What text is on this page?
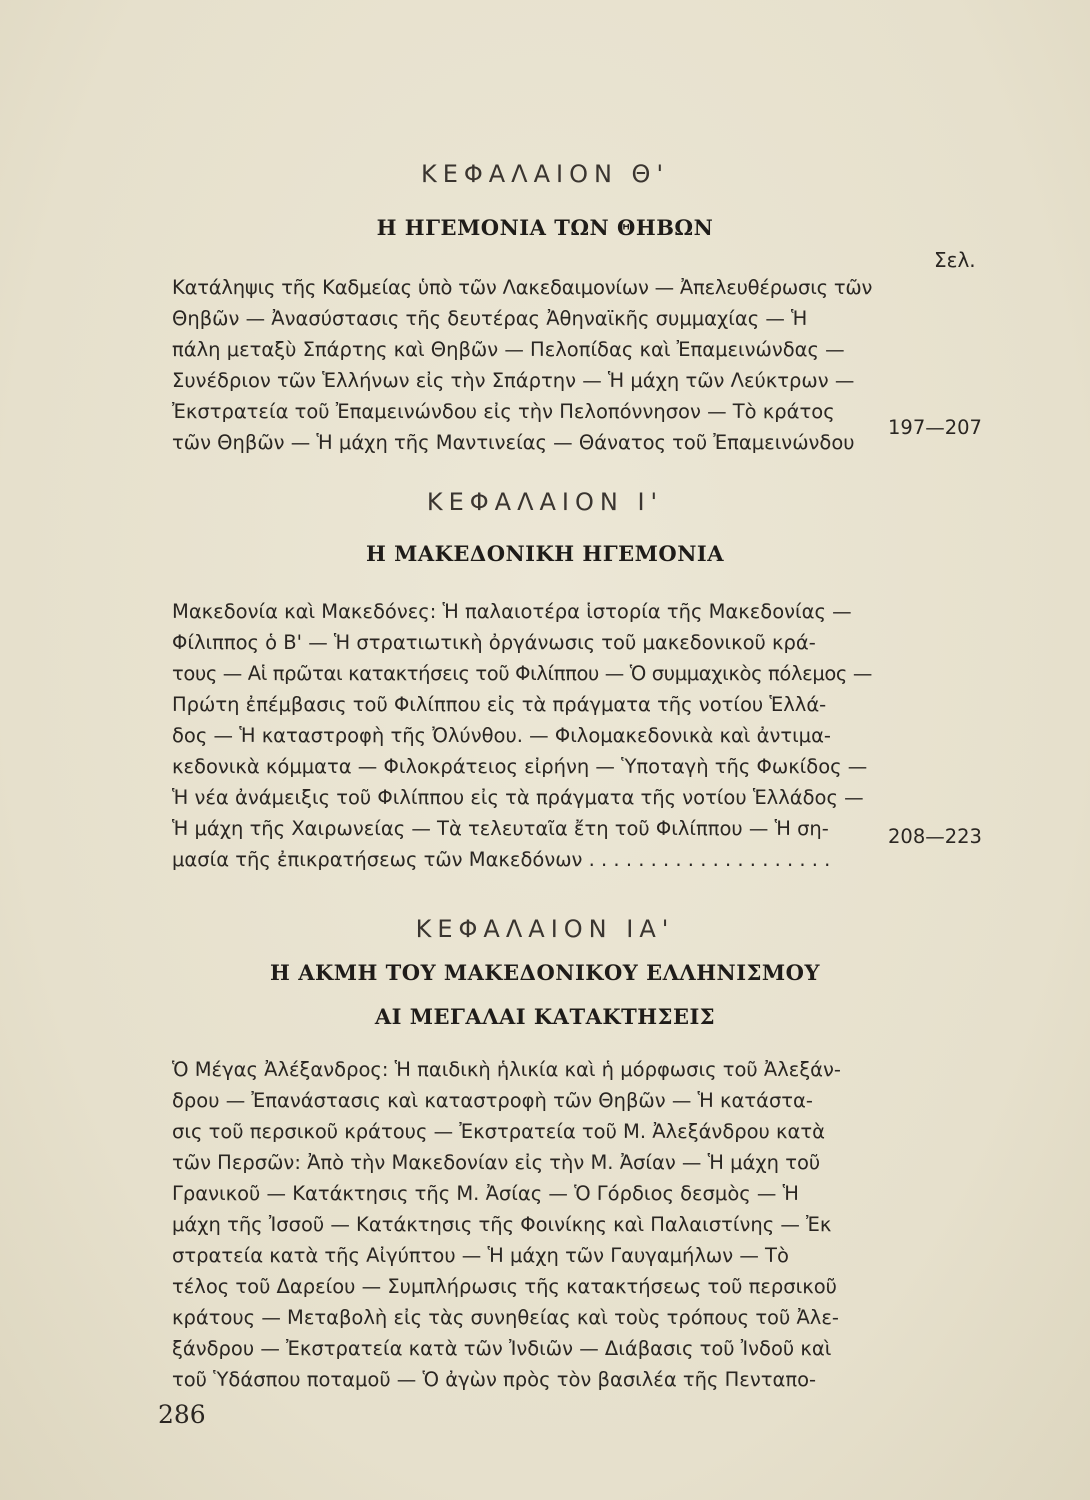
ΚΕΦΑΛΑΙΟΝ Θ'
Η ΗΓΕΜΟΝΙΑ ΤΩΝ ΘΗΒΩΝ
Σελ.
Κατάληψις τῆς Καδμείας ὑπὸ τῶν Λακεδαιμονίων — Ἀπελευθέρωσις τῶν
Θηβῶν — Ἀνασύστασις τῆς δευτέρας Ἀθηναϊκῆς συμμαχίας — Ἡ
πάλη μεταξὺ Σπάρτης καὶ Θηβῶν — Πελοπίδας καὶ Ἐπαμεινώνδας —
Συνέδριον τῶν Ἑλλήνων εἰς τὴν Σπάρτην — Ἡ μάχη τῶν Λεύκτρων —
Ἐκστρατεία τοῦ Ἐπαμεινώνδου εἰς τὴν Πελοπόννησον — Τὸ κράτος
τῶν Θηβῶν — Ἡ μάχη τῆς Μαντινείας — Θάνατος τοῦ Ἐπαμεινώνδου
197—207
ΚΕΦΑΛΑΙΟΝ Ι'
Η ΜΑΚΕΔΟΝΙΚΗ ΗΓΕΜΟΝΙΑ
Μακεδονία καὶ Μακεδόνες: Ἡ παλαιοτέρα ἱστορία τῆς Μακεδονίας —
Φίλιππος ὁ Β' — Ἡ στρατιωτικὴ ὀργάνωσις τοῦ μακεδονικοῦ κρά-
τους — Αἱ πρῶται κατακτήσεις τοῦ Φιλίππου — Ὁ συμμαχικὸς πόλεμος —
Πρώτη ἐπέμβασις τοῦ Φιλίππου εἰς τὰ πράγματα τῆς νοτίου Ἑλλά-
δος — Ἡ καταστροφὴ τῆς Ὀλύνθου. — Φιλομακεδονικὰ καὶ ἀντιμα-
κεδονικὰ κόμματα — Φιλοκράτειος εἰρήνη — Ὑποταγὴ τῆς Φωκίδος —
Ἡ νέα ἀνάμειξις τοῦ Φιλίππου εἰς τὰ πράγματα τῆς νοτίου Ἑλλάδος —
Ἡ μάχη τῆς Χαιρωνείας — Τὰ τελευταῖα ἔτη τοῦ Φιλίππου — Ἡ ση-
μασία τῆς ἐπικρατήσεως τῶν Μακεδόνων . . . . . . . . . . . . . . . . . . . .
208—223
ΚΕΦΑΛΑΙΟΝ ΙΑ'
Η ΑΚΜΗ ΤΟΥ ΜΑΚΕΔΟΝΙΚΟΥ ΕΛΛΗΝΙΣΜΟΥ
ΑΙ ΜΕΓΑΛΑΙ ΚΑΤΑΚΤΗΣΕΙΣ
Ὁ Μέγας Ἀλέξανδρος: Ἡ παιδικὴ ἡλικία καὶ ἡ μόρφωσις τοῦ Ἀλεξάν-
δρου — Ἐπανάστασις καὶ καταστροφὴ τῶν Θηβῶν — Ἡ κατάστα-
σις τοῦ περσικοῦ κράτους — Ἐκστρατεία τοῦ Μ. Ἀλεξάνδρου κατὰ
τῶν Περσῶν: Ἀπὸ τὴν Μακεδονίαν εἰς τὴν Μ. Ἀσίαν — Ἡ μάχη τοῦ
Γρανικοῦ — Κατάκτησις τῆς Μ. Ἀσίας — Ὁ Γόρδιος δεσμὸς — Ἡ
μάχη τῆς Ἰσσοῦ — Κατάκτησις τῆς Φοινίκης καὶ Παλαιστίνης — Ἐκ
στρατεία κατὰ τῆς Αἰγύπτου — Ἡ μάχη τῶν Γαυγαμήλων — Τὸ
τέλος τοῦ Δαρείου — Συμπλήρωσις τῆς κατακτήσεως τοῦ περσικοῦ
κράτους — Μεταβολὴ εἰς τὰς συνηθείας καὶ τοὺς τρόπους τοῦ Ἀλε-
ξάνδρου — Ἐκστρατεία κατὰ τῶν Ἰνδιῶν — Διάβασις τοῦ Ἰνδοῦ καὶ
τοῦ Ὑδάσπου ποταμοῦ — Ὁ ἀγὼν πρὸς τὸν βασιλέα τῆς Πενταπο-
286
